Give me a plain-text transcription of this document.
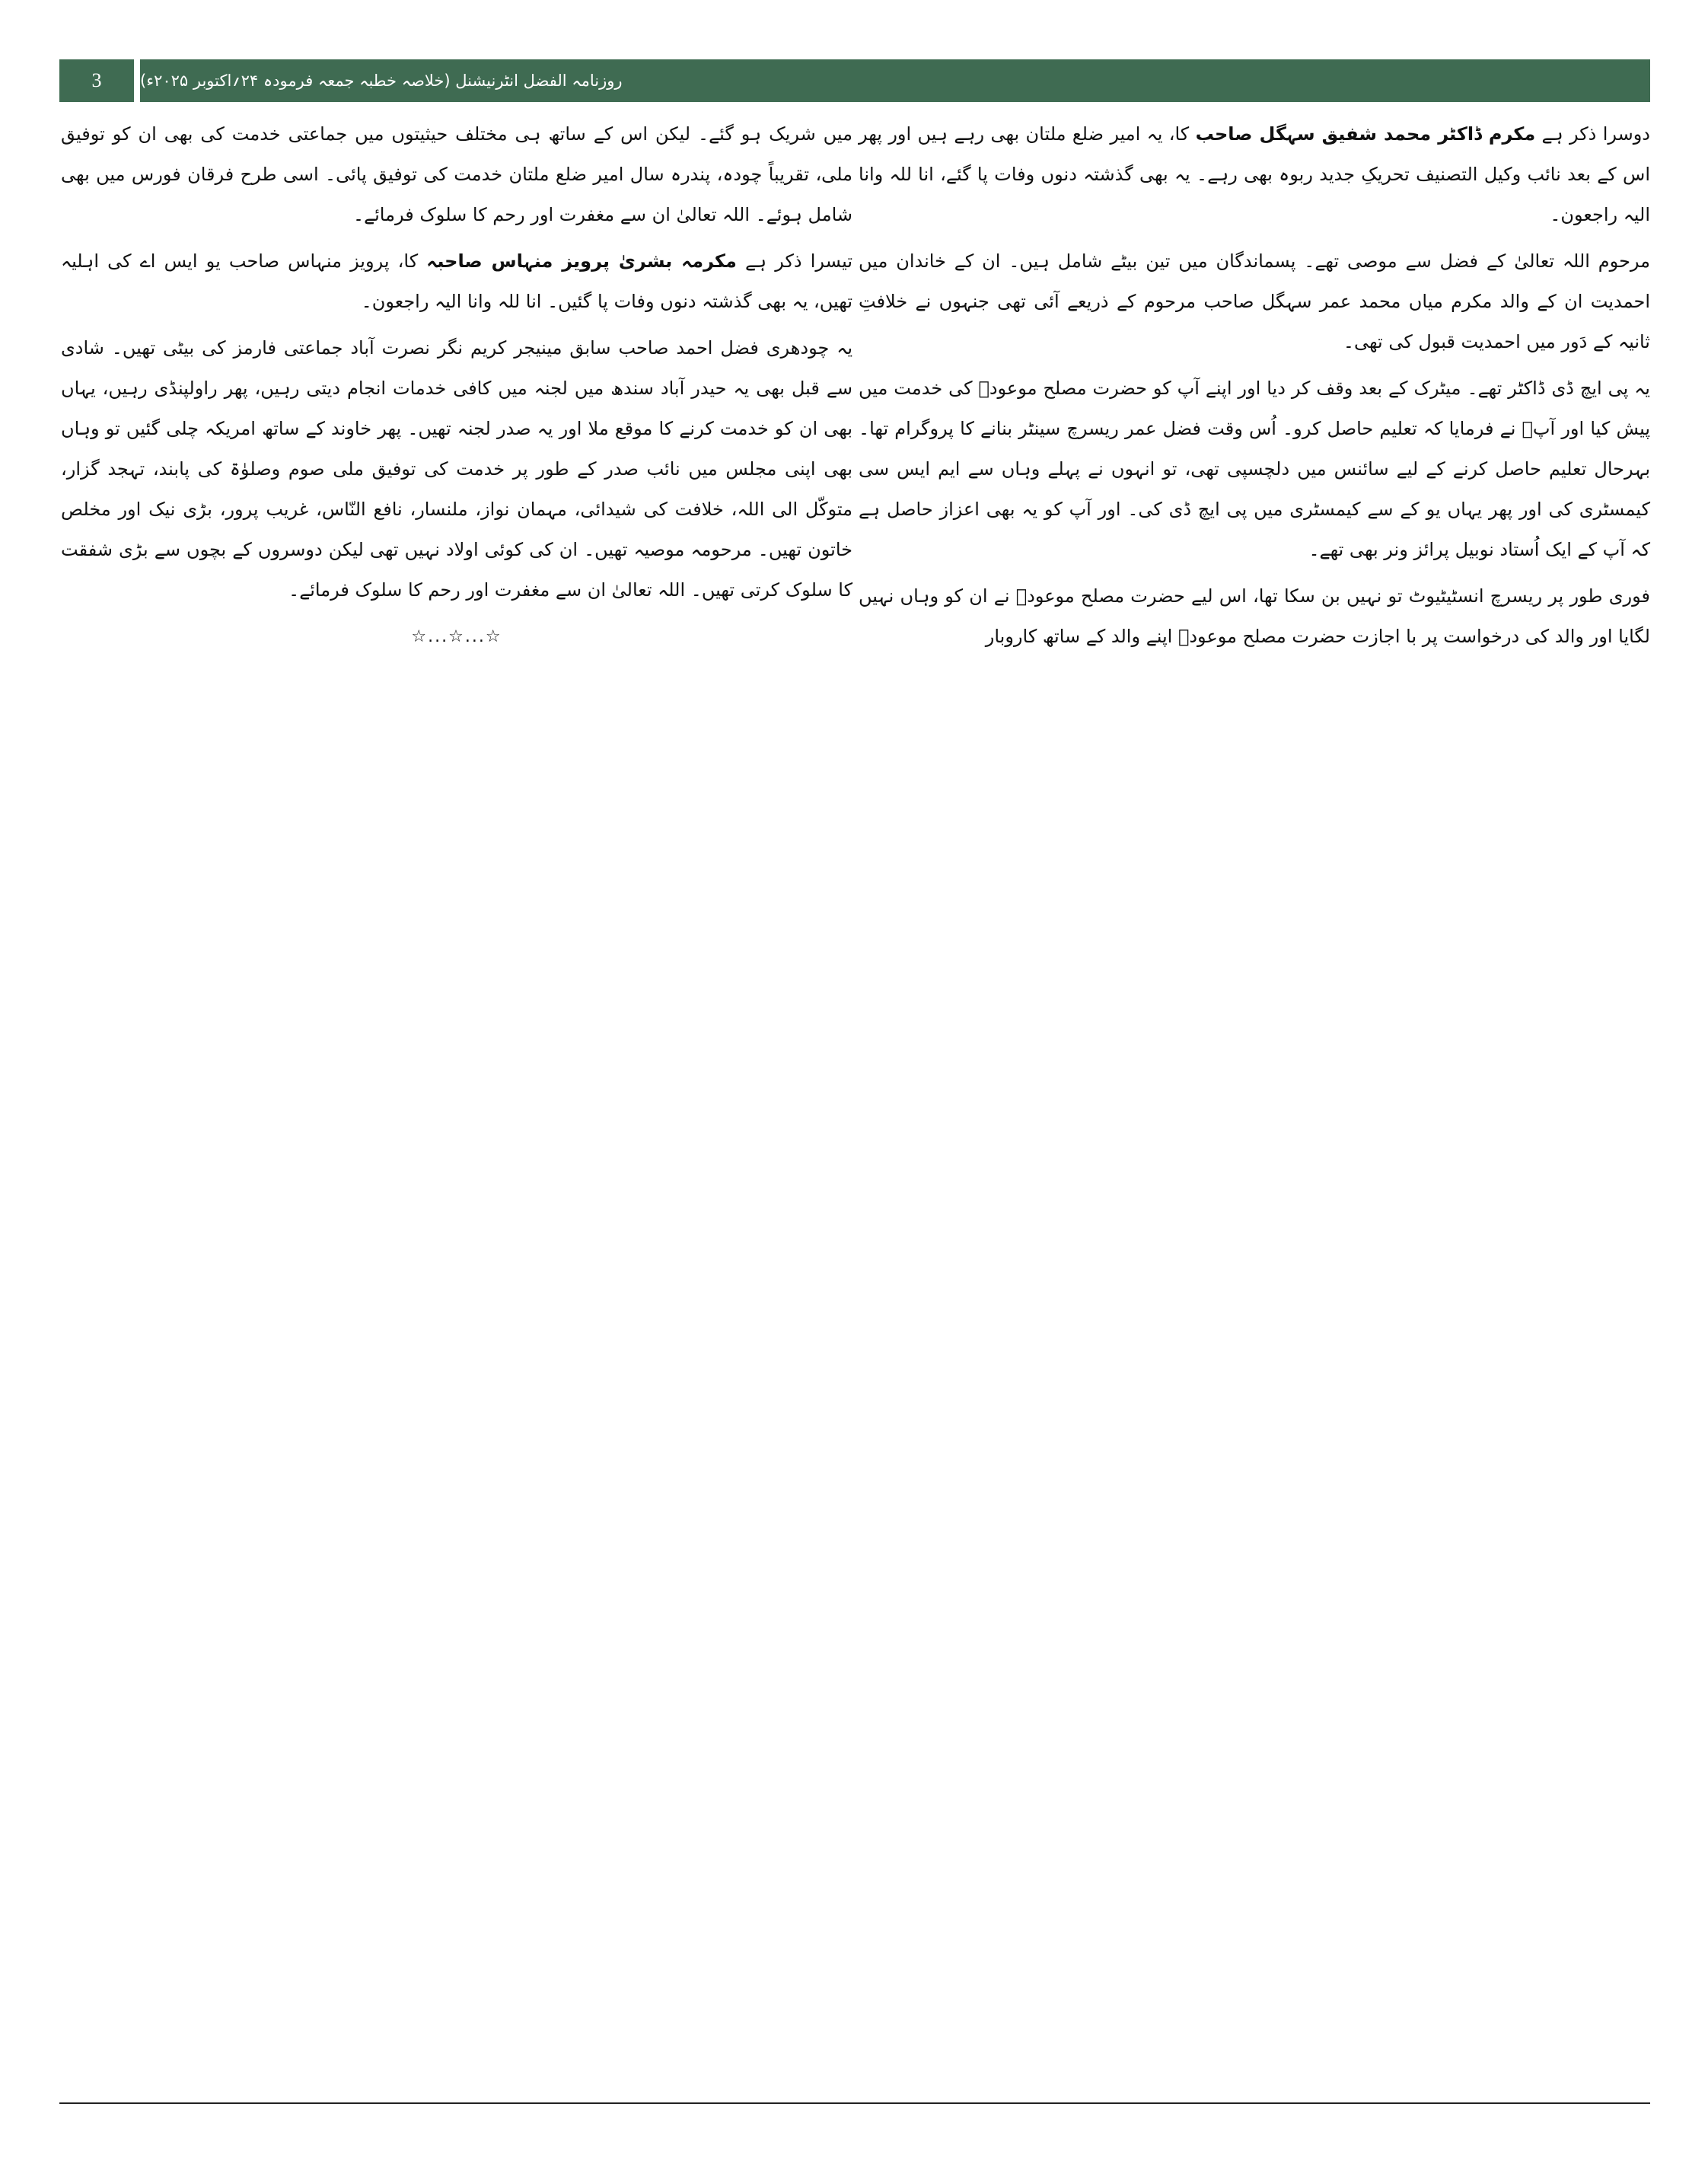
3	روزنامہ الفضل انٹرنیشنل (خلاصہ خطبہ جمعہ فرمودہ ۲۴؍اکتوبر ۲۰۲۵ء)

دوسرا ذکر ہے مکرم ڈاکٹر محمد شفیق سہگل صاحب کا، یہ امیر ضلع ملتان بھی رہے ہیں اور پھر اس کے بعد نائب وکیل التصنیف تحریکِ جدید ربوہ بھی رہے۔ یہ بھی گذشتہ دنوں وفات پا گئے، انا للہ وانا الیہ راجعون۔

مرحوم اللہ تعالیٰ کے فضل سے موصی تھے۔ پسماندگان میں تین بیٹے شامل ہیں۔ ان کے خاندان میں احمدیت ان کے والد مکرم میاں محمد عمر سہگل صاحب مرحوم کے ذریعے آئی تھی جنہوں نے خلافتِ ثانیہ کے دَور میں احمدیت قبول کی تھی۔

یہ پی ایچ ڈی ڈاکٹر تھے۔ میٹرک کے بعد وقف کر دیا اور اپنے آپ کو حضرت مصلح موعودؓ کی خدمت میں پیش کیا اور آپؓ نے فرمایا کہ تعلیم حاصل کرو۔ اُس وقت فضل عمر ریسرچ سینٹر بنانے کا پروگرام تھا۔ بہرحال تعلیم حاصل کرنے کے لیے سائنس میں دلچسپی تھی، تو انہوں نے پہلے وہاں سے ایم ایس سی کیمسٹری کی اور پھر یہاں یو کے سے کیمسٹری میں پی ایچ ڈی کی۔ اور آپ کو یہ بھی اعزاز حاصل ہے کہ آپ کے ایک اُستاد نوبیل پرائز ونر بھی تھے۔

فوری طور پر ریسرچ انسٹیٹیوٹ تو نہیں بن سکا تھا، اس لیے حضرت مصلح موعودؓ نے ان کو وہاں نہیں لگایا اور والد کی درخواست پر با اجازت حضرت مصلح موعودؓ اپنے والد کے ساتھ کاروبار

میں شریک ہو گئے۔ لیکن اس کے ساتھ ہی مختلف حیثیتوں میں جماعتی خدمت کی بھی ان کو توفیق ملی، تقریباً چودہ، پندرہ سال امیر ضلع ملتان خدمت کی توفیق پائی۔ اسی طرح فرقان فورس میں بھی شامل ہوئے۔ اللہ تعالیٰ ان سے مغفرت اور رحم کا سلوک فرمائے۔

تیسرا ذکر ہے مکرمہ بشریٰ پرویز منہاس صاحبہ کا، پرویز منہاس صاحب یو ایس اے کی اہلیہ تھیں، یہ بھی گذشتہ دنوں وفات پا گئیں۔ انا للہ وانا الیہ راجعون۔

یہ چودھری فضل احمد صاحب سابق مینیجر کریم نگر نصرت آباد جماعتی فارمز کی بیٹی تھیں۔ شادی سے قبل بھی یہ حیدر آباد سندھ میں لجنہ میں کافی خدمات انجام دیتی رہیں، پھر راولپنڈی رہیں، یہاں بھی ان کو خدمت کرنے کا موقع ملا اور یہ صدر لجنہ تھیں۔ پھر خاوند کے ساتھ امریکہ چلی گئیں تو وہاں بھی اپنی مجلس میں نائب صدر کے طور پر خدمت کی توفیق ملی صوم وصلوٰۃ کی پابند، تہجد گزار، متوکّل الی اللہ، خلافت کی شیدائی، مہمان نواز، ملنسار، نافع النّاس، غریب پرور، بڑی نیک اور مخلص خاتون تھیں۔ مرحومہ موصیہ تھیں۔ ان کی کوئی اولاد نہیں تھی لیکن دوسروں کے بچوں سے بڑی شفقت کا سلوک کرتی تھیں۔ اللہ تعالیٰ ان سے مغفرت اور رحم کا سلوک فرمائے۔

☆...☆...☆
